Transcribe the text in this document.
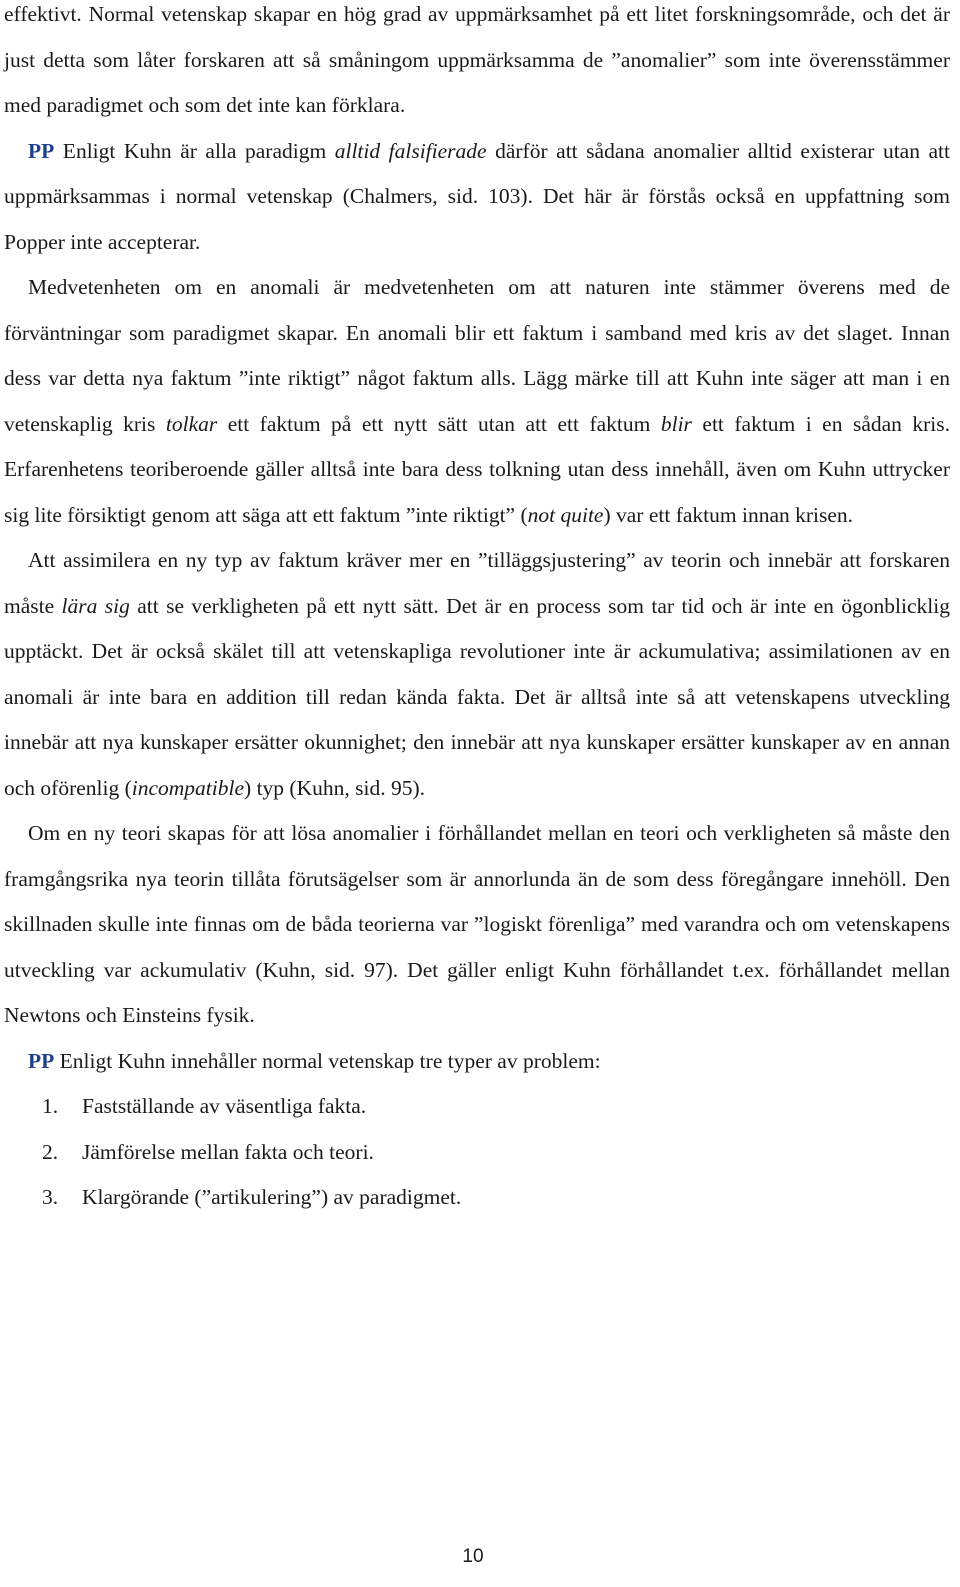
effektivt. Normal vetenskap skapar en hög grad av uppmärksamhet på ett litet forskningsområde, och det är just detta som låter forskaren att så småningom uppmärksamma de ”anomalier” som inte överensstämmer med paradigmet och som det inte kan förklara.

PP Enligt Kuhn är alla paradigm alltid falsifierade därför att sådana anomalier alltid existerar utan att uppmärksammas i normal vetenskap (Chalmers, sid. 103). Det här är förstås också en uppfattning som Popper inte accepterar.

Medvetenheten om en anomali är medvetenheten om att naturen inte stämmer överens med de förväntningar som paradigmet skapar. En anomali blir ett faktum i samband med kris av det slaget. Innan dess var detta nya faktum ”inte riktigt” något faktum alls. Lägg märke till att Kuhn inte säger att man i en vetenskaplig kris tolkar ett faktum på ett nytt sätt utan att ett faktum blir ett faktum i en sådan kris. Erfarenhetens teoriberoende gäller alltså inte bara dess tolkning utan dess innehåll, även om Kuhn uttrycker sig lite försiktigt genom att säga att ett faktum ”inte riktigt” (not quite) var ett faktum innan krisen.

Att assimilera en ny typ av faktum kräver mer en ”tilläggsjustering” av teorin och innebär att forskaren måste lära sig att se verkligheten på ett nytt sätt. Det är en process som tar tid och är inte en ögonblicklig upptäckt. Det är också skälet till att vetenskapliga revolutioner inte är ackumulativa; assimilationen av en anomali är inte bara en addition till redan kända fakta. Det är alltså inte så att vetenskapens utveckling innebär att nya kunskaper ersätter okunnighet; den innebär att nya kunskaper ersätter kunskaper av en annan och oförenlig (incompatible) typ (Kuhn, sid. 95).

Om en ny teori skapas för att lösa anomalier i förhållandet mellan en teori och verkligheten så måste den framgångsrika nya teorin tillåta förutsägelser som är annorlunda än de som dess föregångare innehöll. Den skillnaden skulle inte finnas om de båda teorierna var ”logiskt förenliga” med varandra och om vetenskapens utveckling var ackumulativ (Kuhn, sid. 97). Det gäller enligt Kuhn förhållandet t.ex. förhållandet mellan Newtons och Einsteins fysik.

PP Enligt Kuhn innehåller normal vetenskap tre typer av problem:

1.	Fastställande av väsentliga fakta.
2.	Jämförelse mellan fakta och teori.
3.	Klargörande (”artikulering”) av paradigmet.
10
